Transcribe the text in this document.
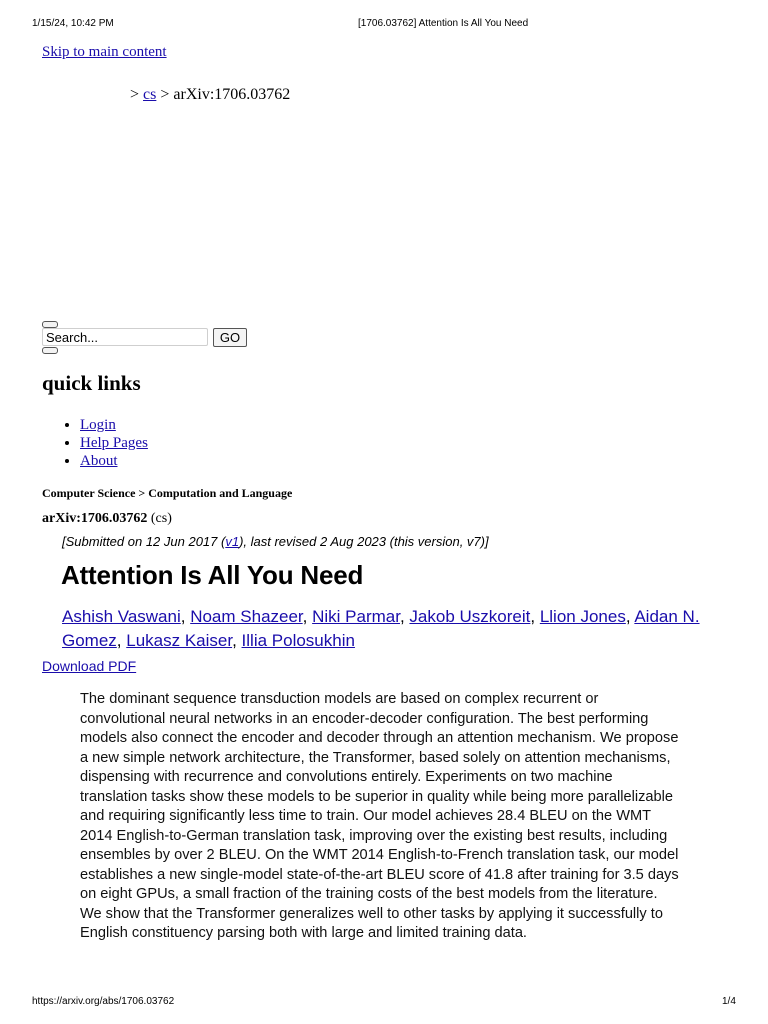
1/15/24, 10:42 PM	[1706.03762] Attention Is All You Need
Skip to main content
> cs > arXiv:1706.03762
Search...
GO
quick links
• Login
• Help Pages
• About
Computer Science > Computation and Language
arXiv:1706.03762 (cs)
[Submitted on 12 Jun 2017 (v1), last revised 2 Aug 2023 (this version, v7)]
Attention Is All You Need
Ashish Vaswani, Noam Shazeer, Niki Parmar, Jakob Uszkoreit, Llion Jones, Aidan N. Gomez, Lukasz Kaiser, Illia Polosukhin
Download PDF

The dominant sequence transduction models are based on complex recurrent or convolutional neural networks in an encoder-decoder configuration. The best performing models also connect the encoder and decoder through an attention mechanism. We propose a new simple network architecture, the Transformer, based solely on attention mechanisms, dispensing with recurrence and convolutions entirely. Experiments on two machine translation tasks show these models to be superior in quality while being more parallelizable and requiring significantly less time to train. Our model achieves 28.4 BLEU on the WMT 2014 English-to-German translation task, improving over the existing best results, including ensembles by over 2 BLEU. On the WMT 2014 English-to-French translation task, our model establishes a new single-model state-of-the-art BLEU score of 41.8 after training for 3.5 days on eight GPUs, a small fraction of the training costs of the best models from the literature. We show that the Transformer generalizes well to other tasks by applying it successfully to English constituency parsing both with large and limited training data.

https://arxiv.org/abs/1706.03762	1/4
